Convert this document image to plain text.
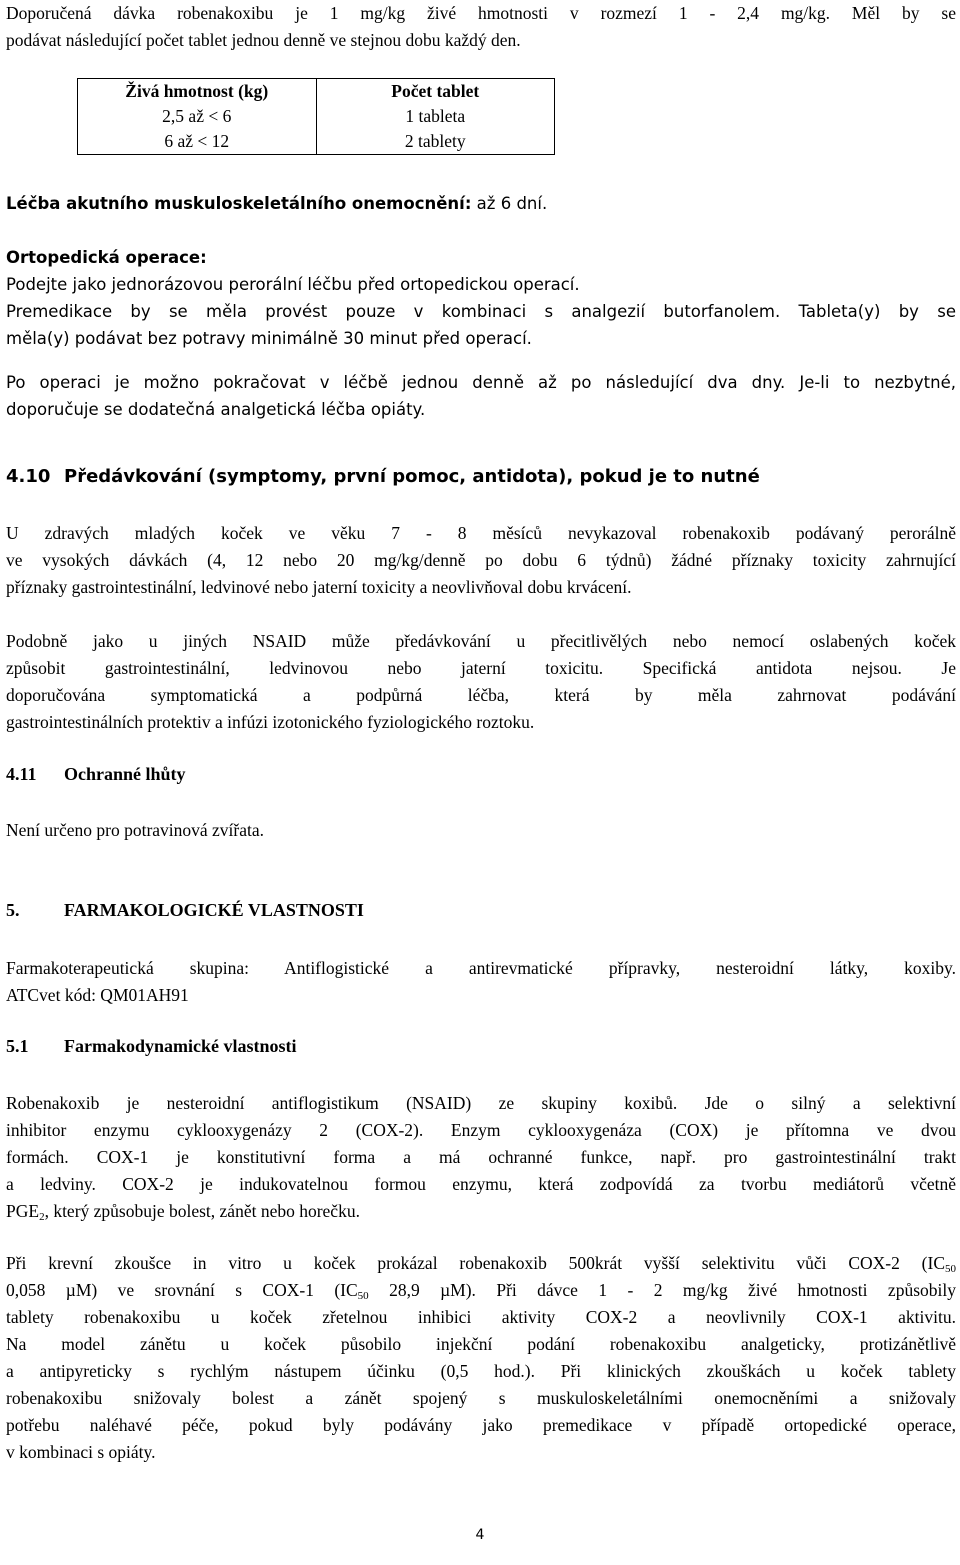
Doporučená dávka robenakoxibu je 1 mg/kg živé hmotnosti v rozmezí 1 - 2,4 mg/kg. Měl by se

podávat následující počet tablet jednou denně ve stejnou dobu každý den.

Živá hmotnost (kg)	Počet tablet
2,5 až < 6	1 tableta
6 až < 12	2 tablety

Léčba akutního muskuloskeletálního onemocnění: až 6 dní.

Ortopedická operace:

Podejte jako jednorázovou perorální léčbu před ortopedickou operací.

Premedikace by se měla provést pouze v kombinaci s analgezií butorfanolem. Tableta(y) by se

měla(y) podávat bez potravy minimálně 30 minut před operací.

Po operaci je možno pokračovat v léčbě jednou denně až po následující dva dny. Je-li to nezbytné,

doporučuje se dodatečná analgetická léčba opiáty.

4.10 Předávkování (symptomy, první pomoc, antidota), pokud je to nutné

U zdravých mladých koček ve věku 7 - 8 měsíců nevykazoval robenakoxib podávaný perorálně

ve vysokých dávkách (4, 12 nebo 20 mg/kg/denně po dobu 6 týdnů) žádné příznaky toxicity zahrnující

příznaky gastrointestinální, ledvinové nebo jaterní toxicity a neovlivňoval dobu krvácení.

Podobně jako u jiných NSAID může předávkování u přecitlivělých nebo nemocí oslabených koček

způsobit gastrointestinální, ledvinovou nebo jaterní toxicitu. Specifická antidota nejsou. Je

doporučována symptomatická a podpůrná léčba, která by měla zahrnovat podávání

gastrointestinálních protektiv a infúzi izotonického fyziologického roztoku.

4.11	Ochranné lhůty

Není určeno pro potravinová zvířata.

5.	FARMAKOLOGICKÉ VLASTNOSTI

Farmakoterapeutická skupina: Antiflogistické a antirevmatické přípravky, nesteroidní látky, koxiby.

ATCvet kód: QM01AH91

5.1	Farmakodynamické vlastnosti

Robenakoxib je nesteroidní antiflogistikum (NSAID) ze skupiny koxibů. Jde o silný a selektivní

inhibitor enzymu cyklooxygenázy 2 (COX-2). Enzym cyklooxygenáza (COX) je přítomna ve dvou

formách. COX-1 je konstitutivní forma a má ochranné funkce, např. pro gastrointestinální trakt

a ledviny. COX-2 je indukovatelnou formou enzymu, která zodpovídá za tvorbu mediátorů včetně

$PGE_2$, který způsobuje bolest, zánět nebo horečku.

Při krevní zkoušce in vitro u koček prokázal robenakoxib 500krát vyšší selektivitu vůči COX-2 ($IC_{50}$

0,058 µM) ve srovnání s COX-1 ($IC_{50}$ 28,9 µM). Při dávce 1 - 2 mg/kg živé hmotnosti způsobily

tablety robenakoxibu u koček zřetelnou inhibici aktivity COX-2 a neovlivnily COX-1 aktivitu.

Na model zánětu u koček působilo injekční podání robenakoxibu analgeticky, protizánětlivě

a antipyreticky s rychlým nástupem účinku (0,5 hod.). Při klinických zkouškách u koček tablety

robenakoxibu snižovaly bolest a zánět spojený s muskuloskeletálními onemocněními a snižovaly

potřebu naléhavé péče, pokud byly podávány jako premedikace v případě ortopedické operace,

v kombinaci s opiáty.

4
